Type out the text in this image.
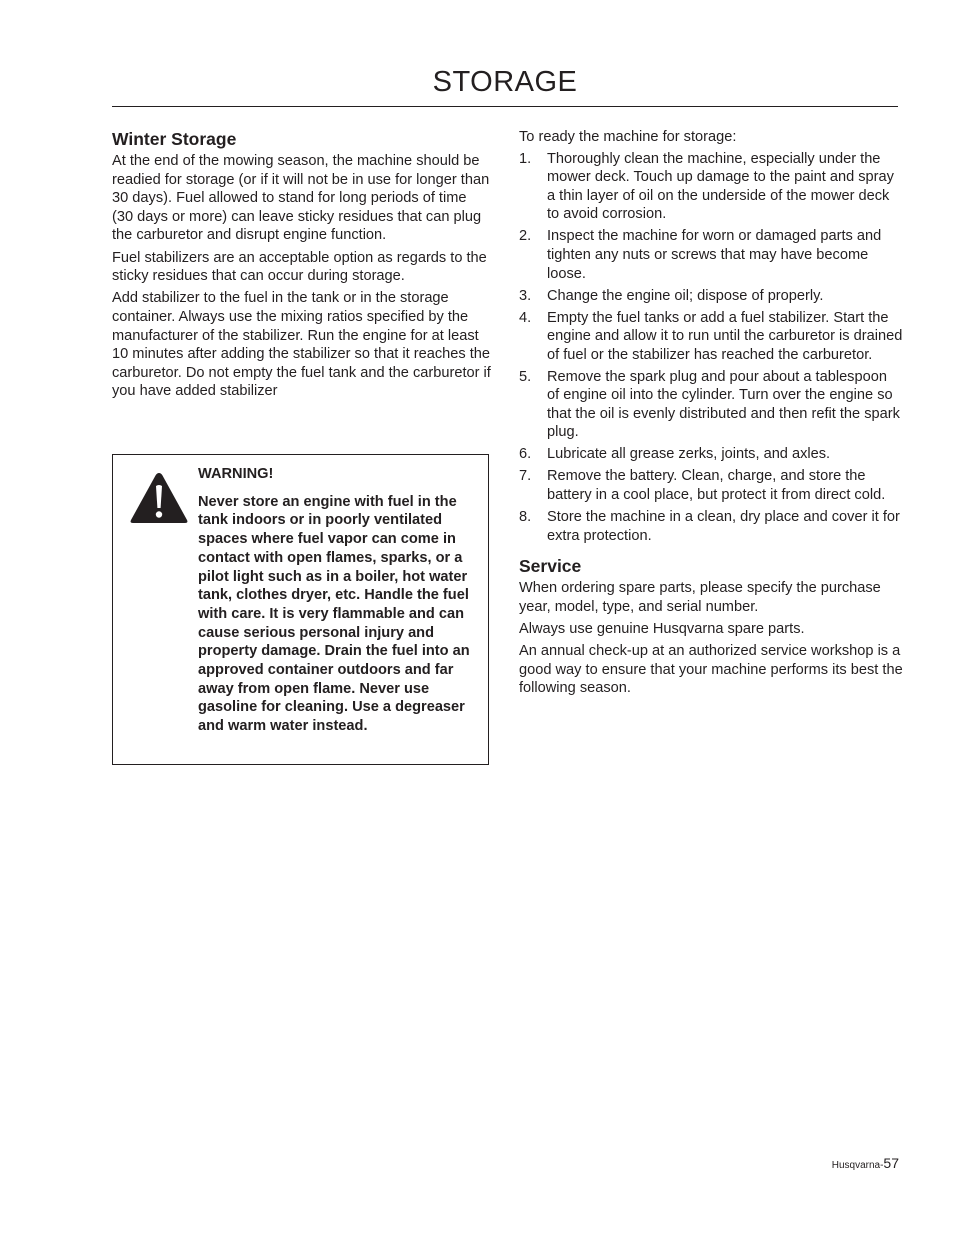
STORAGE
Winter Storage

At the end of the mowing season, the machine should be readied for storage (or if it will not be in use for longer than 30 days). Fuel allowed to stand for long periods of time (30 days or more) can leave sticky residues that can plug the carburetor and disrupt engine function.

Fuel stabilizers are an acceptable option as regards to the sticky residues that can occur during storage.

Add stabilizer to the fuel in the tank or in the storage container. Always use the mixing ratios specified by the manufacturer of the stabilizer. Run the engine for at least 10 minutes after adding the stabilizer so that it reaches the carburetor. Do not empty the fuel tank and the carburetor if you have added stabilizer

WARNING!
Never store an engine with fuel in the tank indoors or in poorly ventilated spaces where fuel vapor can come in contact with open flames, sparks, or a pilot light such as in a boiler, hot water tank, clothes dryer, etc. Handle the fuel with care. It is very flammable and can cause serious personal injury and property damage. Drain the fuel into an approved container outdoors and far away from open flame. Never use gasoline for cleaning. Use a degreaser and warm water instead.

To ready the machine for storage:

1. Thoroughly clean the machine, especially under the mower deck. Touch up damage to the paint and spray a thin layer of oil on the underside of the mower deck to avoid corrosion.
2. Inspect the machine for worn or damaged parts and tighten any nuts or screws that may have become loose.
3. Change the engine oil; dispose of properly.
4. Empty the fuel tanks or add a fuel stabilizer. Start the engine and allow it to run until the carburetor is drained of fuel or the stabilizer has reached the carburetor.
5. Remove the spark plug and pour about a tablespoon of engine oil into the cylinder. Turn over the engine so that the oil is evenly distributed and then refit the spark plug.
6. Lubricate all grease zerks, joints, and axles.
7. Remove the battery. Clean, charge, and store the battery in a cool place, but protect it from direct cold.
8. Store the machine in a clean, dry place and cover it for extra protection.
Service

When ordering spare parts, please specify the purchase year, model, type, and serial number.

Always use genuine Husqvarna spare parts.

An annual check-up at an authorized service workshop is a good way to ensure that your machine performs its best the following season.

Husqvarna-57
